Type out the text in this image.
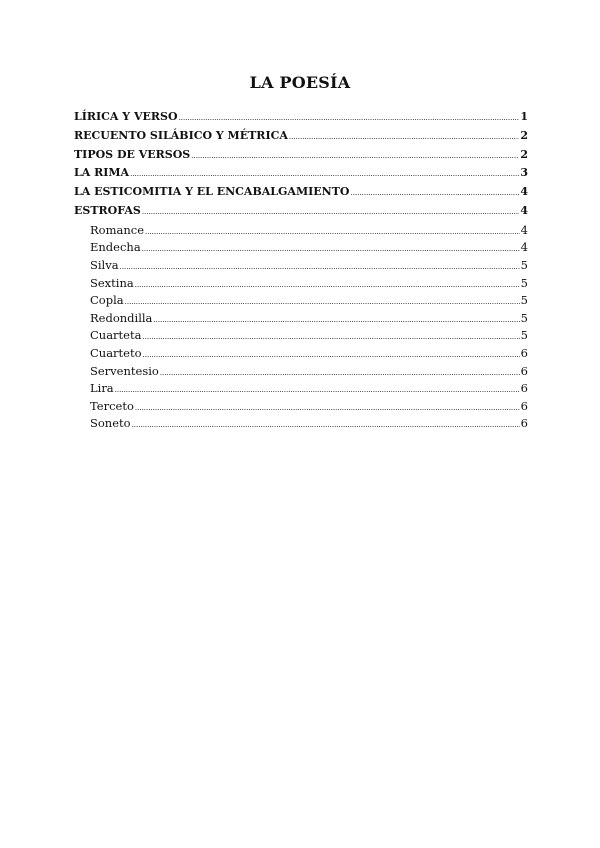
LA POESÍA
LÍRICA Y VERSO .....	1
RECUENTO SILÁBICO Y MÉTRICA .....	2
TIPOS DE VERSOS .....	2
LA RIMA .....	3
LA ESTICOMITIA Y EL ENCABALGAMIENTO .....	4
ESTROFAS .....	4
Romance .....	4
Endecha .....	4
Silva .....	5
Sextina .....	5
Copla .....	5
Redondilla .....	5
Cuarteta .....	5
Cuarteto .....	6
Serventesio .....	6
Lira .....	6
Terceto .....	6
Soneto .....	6
